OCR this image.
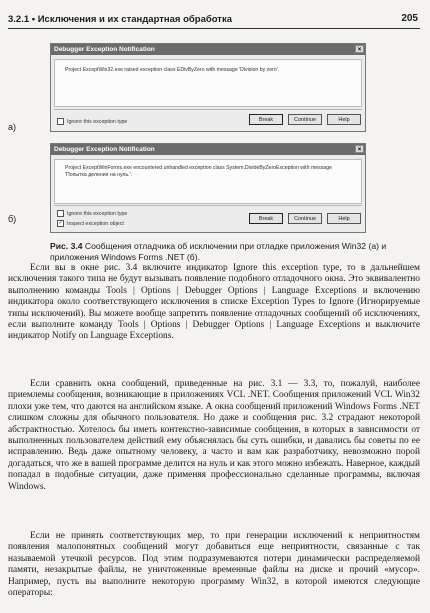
3.2.1 • Исключения и их стандартная обработка	205
а)
Debugger Exception Notification	×
Project ExceptWin32.exe raised exception class EDivByZero with message 'Division by zero'.
Ignore this exception type	Break	Continue	Help
б)
Debugger Exception Notification	×
Project ExceptWinForms.exe encountered unhandled exception class System.DivideByZeroException with message
'Попытка деления на нуль.'.
Ignore this exception type
✓ Inspect exception object
Break	Continue	Help
Рис. 3.4 Сообщения отладчика об исключении при отладке приложения Win32 (а) и приложения Windows Forms .NET (б).

Если вы в окне рис. 3.4 включите индикатор Ignore this exception type, то в дальнейшем исключения такого типа не будут вызывать появление подобного отладочного окна. Это эквивалентно выполнению команды Tools | Options | Debugger Options | Language Exceptions и включению индикатора около соответствующего исключения в списке Exception Types to Ignore (Игнорируемые типы исключений). Вы можете вообще запретить появление отладочных сообщений об исключениях, если выполните команду Tools | Options | Debugger Options | Language Exceptions и выключите индикатор Notify on Language Exceptions.

Если сравнить окна сообщений, приведенные на рис. 3.1 — 3.3, то, пожалуй, наиболее приемлемы сообщения, возникающие в приложениях VCL .NET. Сообщения приложений VCL Win32 плохи уже тем, что даются на английском языке. А окна сообщений приложений Windows Forms .NET слишком сложны для обычного пользователя. Но даже и сообщения рис. 3.2 страдают некоторой абстрактностью. Хотелось бы иметь контекстно-зависимые сообщения, в которых в зависимости от выполненных пользователем действий ему объяснялась бы суть ошибки, и давались бы советы по ее исправлению. Ведь даже опытному человеку, а часто и вам как разработчику, невозможно порой догадаться, что же в вашей программе делится на нуль и как этого можно избежать. Наверное, каждый попадал в подобные ситуации, даже применяя профессионально сделанные программы, включая Windows.

Если не принять соответствующих мер, то при генерации исключений к неприятностям появления малопонятных сообщений могут добавиться еще неприятности, связанные с так называемой утечкой ресурсов. Под этим подразумеваются потери динамически распределяемой памяти, незакрытые файлы, не уничтоженные временные файлы на диске и прочий «мусор». Например, пусть вы выполните некоторую программу Win32, в которой имеются следующие операторы:
